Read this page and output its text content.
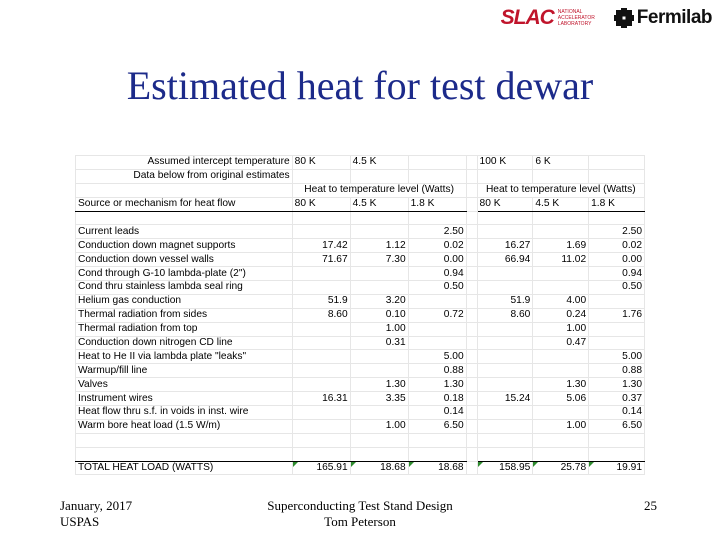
SLAC NATIONAL
ACCELERATOR
LABORATORY	Fermilab
Estimated heat for test dewar
Assumed intercept temperature	80 K	4.5 K			100 K	6 K	
Data below from original estimates							
	Heat to temperature level (Watts)				Heat to temperature level (Watts)		
Source or mechanism for heat flow	80 K	4.5 K	1.8 K		80 K	4.5 K	1.8 K

Current leads			2.50				2.50
Conduction down magnet supports	17.42	1.12	0.02		16.27	1.69	0.02
Conduction down vessel walls	71.67	7.30	0.00		66.94	11.02	0.00
Cond through G-10 lambda-plate (2")			0.94				0.94
Cond thru stainless lambda seal ring			0.50				0.50
Helium gas conduction	51.9	3.20			51.9	4.00	
Thermal radiation from sides	8.60	0.10	0.72		8.60	0.24	1.76
Thermal radiation from top		1.00				1.00	
Conduction down nitrogen CD line		0.31				0.47	
Heat to He II via lambda plate "leaks"			5.00				5.00
Warmup/fill line			0.88				0.88
Valves		1.30	1.30			1.30	1.30
Instrument wires	16.31	3.35	0.18		15.24	5.06	0.37
Heat flow thru s.f. in voids in inst. wire			0.14				0.14
Warm bore heat load (1.5 W/m)		1.00	6.50			1.00	6.50

TOTAL HEAT LOAD (WATTS)	165.91	18.68	18.68		158.95	25.78	19.91
January, 2017
USPAS
Superconducting Test Stand Design
Tom Peterson
25
